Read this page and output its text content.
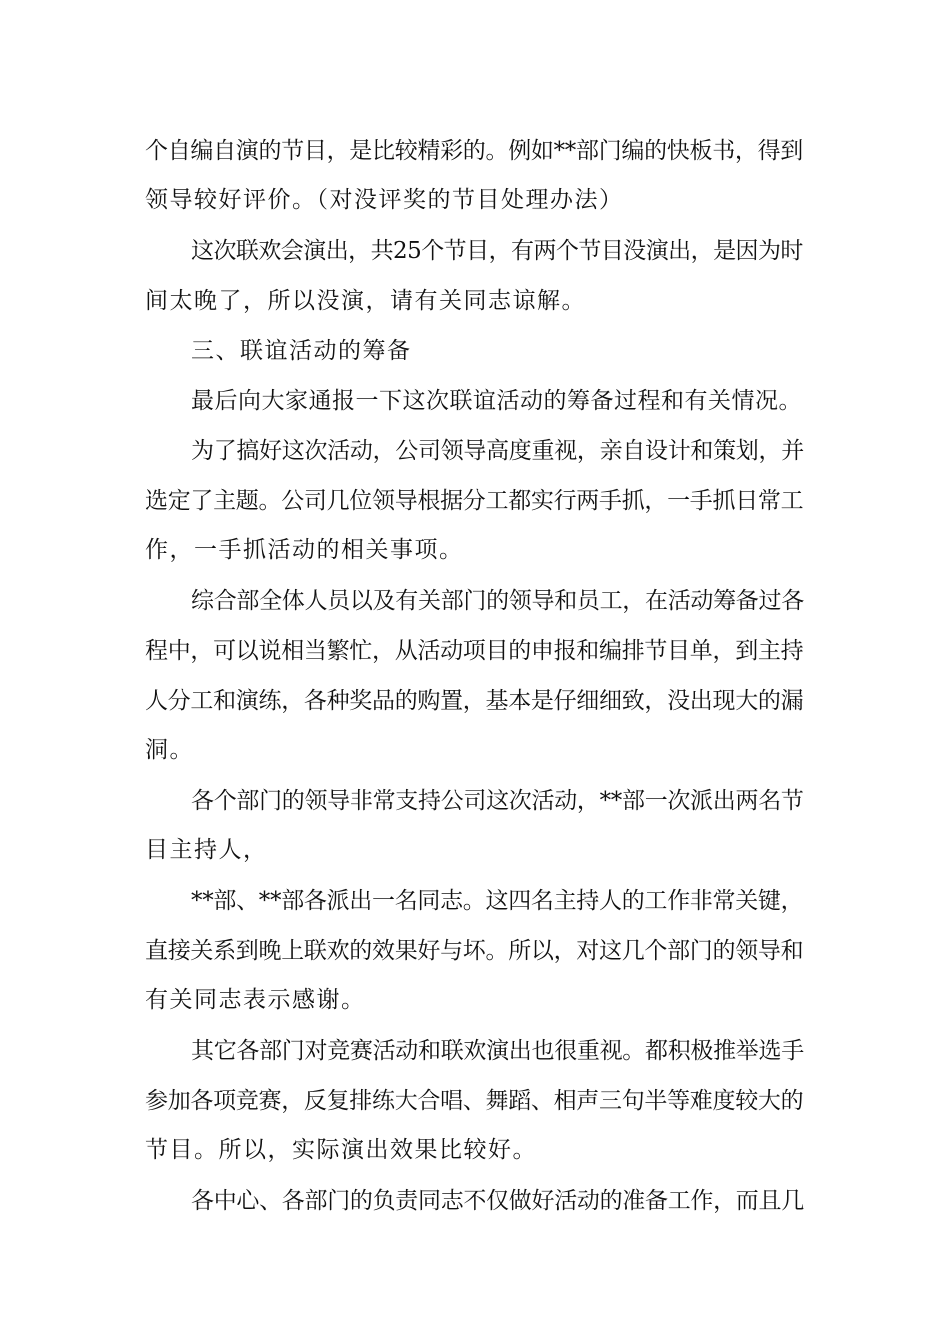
个自编自演的节目，是比较精彩的。例如**部门编的快板书，得到
领导较好评价。（对没评奖的节目处理办法）
这次联欢会演出，共25个节目，有两个节目没演出，是因为时
间太晚了，所以没演，请有关同志谅解。
三、联谊活动的筹备
最后向大家通报一下这次联谊活动的筹备过程和有关情况。
为了搞好这次活动，公司领导高度重视，亲自设计和策划，并
选定了主题。公司几位领导根据分工都实行两手抓，一手抓日常工
作，一手抓活动的相关事项。
综合部全体人员以及有关部门的领导和员工，在活动筹备过各
程中，可以说相当繁忙，从活动项目的申报和编排节目单，到主持
人分工和演练，各种奖品的购置，基本是仔细细致，没出现大的漏
洞。
各个部门的领导非常支持公司这次活动，**部一次派出两名节
目主持人，
**部、**部各派出一名同志。这四名主持人的工作非常关键，
直接关系到晚上联欢的效果好与坏。所以，对这几个部门的领导和
有关同志表示感谢。
其它各部门对竞赛活动和联欢演出也很重视。都积极推举选手
参加各项竞赛，反复排练大合唱、舞蹈、相声三句半等难度较大的
节目。所以，实际演出效果比较好。
各中心、各部门的负责同志不仅做好活动的准备工作，而且几
